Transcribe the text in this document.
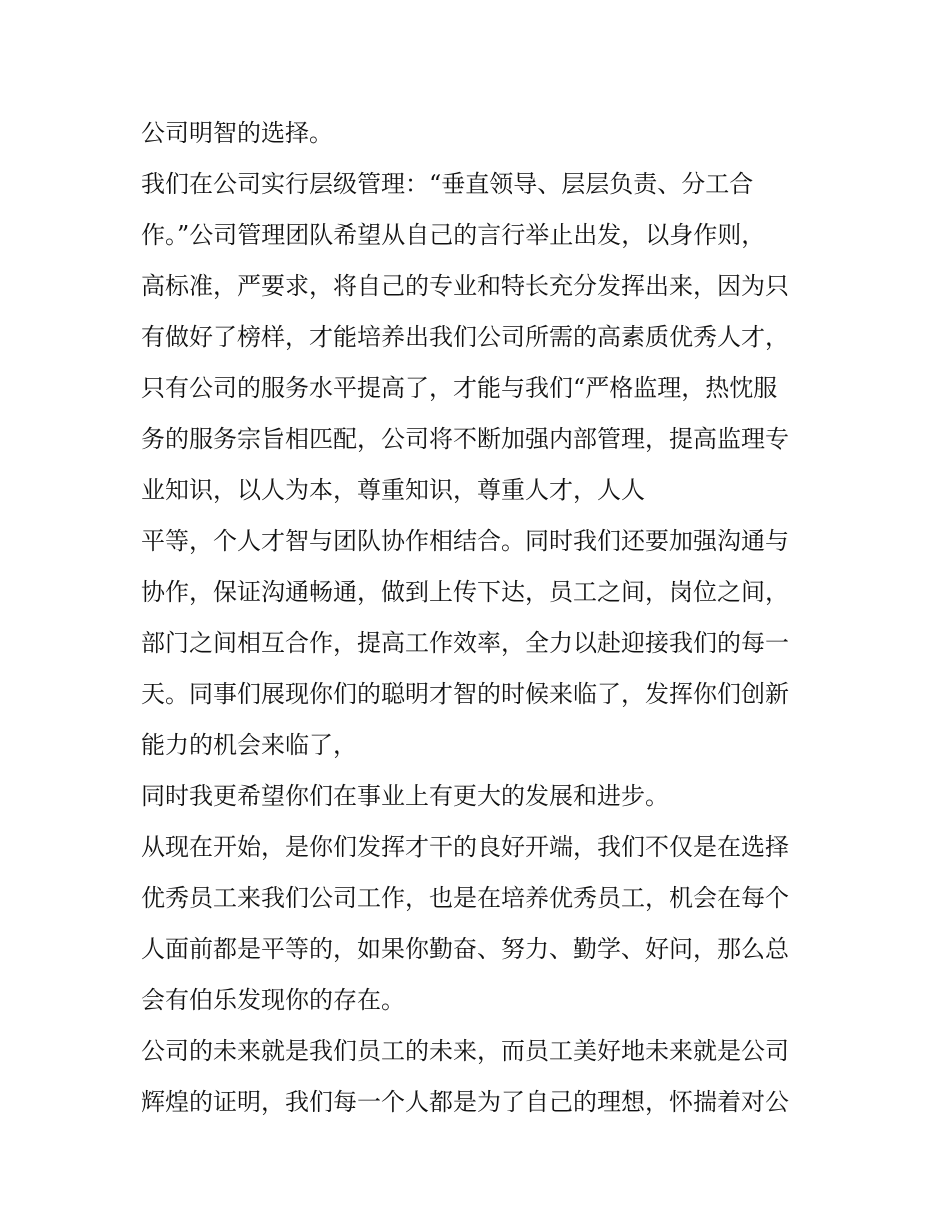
公司明智的选择。
我们在公司实行层级管理：“垂直领导、层层负责、分工合
作。”公司管理团队希望从自己的言行举止出发，以身作则，
高标准，严要求，将自己的专业和特长充分发挥出来，因为只
有做好了榜样，才能培养出我们公司所需的高素质优秀人才，
只有公司的服务水平提高了，才能与我们“严格监理，热忱服
务的服务宗旨相匹配，公司将不断加强内部管理，提高监理专
业知识，以人为本，尊重知识，尊重人才，人人
平等，个人才智与团队协作相结合。同时我们还要加强沟通与
协作，保证沟通畅通，做到上传下达，员工之间，岗位之间，
部门之间相互合作，提高工作效率，全力以赴迎接我们的每一
天。同事们展现你们的聪明才智的时候来临了，发挥你们创新
能力的机会来临了，
同时我更希望你们在事业上有更大的发展和进步。
从现在开始，是你们发挥才干的良好开端，我们不仅是在选择
优秀员工来我们公司工作，也是在培养优秀员工，机会在每个
人面前都是平等的，如果你勤奋、努力、勤学、好问，那么总
会有伯乐发现你的存在。
公司的未来就是我们员工的未来，而员工美好地未来就是公司
辉煌的证明，我们每一个人都是为了自己的理想，怀揣着对公
